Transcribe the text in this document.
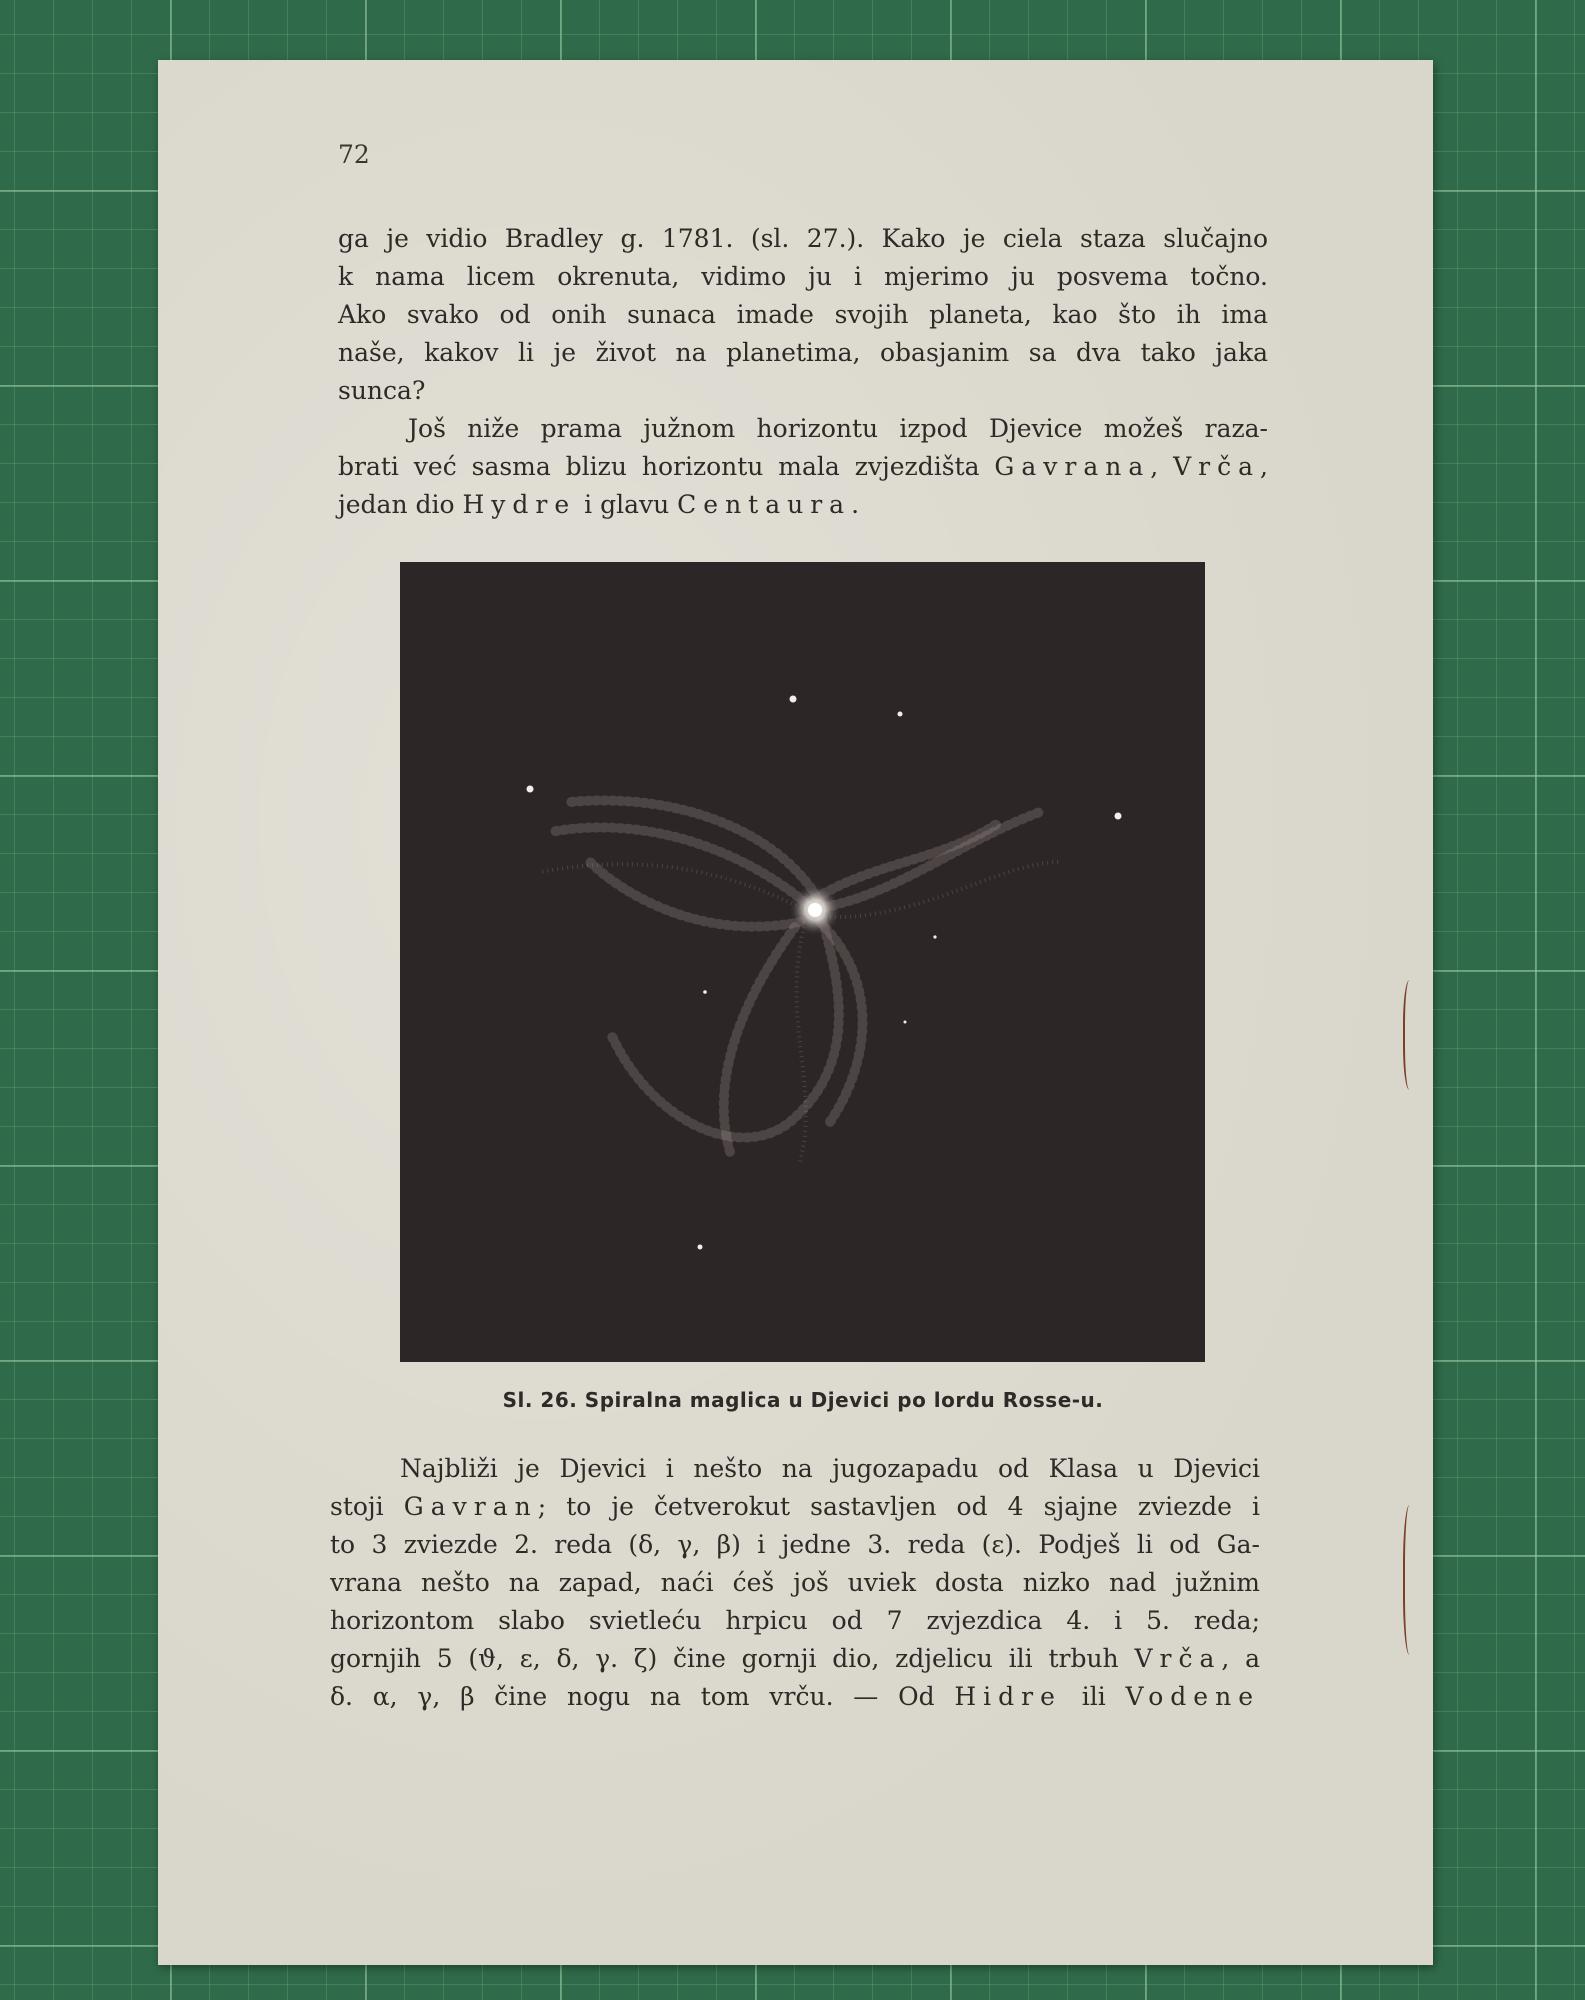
72
ga je vidio Bradley g. 1781. (sl. 27.). Kako je ciela staza slučajno
k nama licem okrenuta, vidimo ju i mjerimo ju posvema točno.
Ako svako od onih sunaca imade svojih planeta, kao što ih ima
naše, kakov li je život na planetima, obasjanim sa dva tako jaka
sunca?
Još niže prama južnom horizontu izpod Djevice možeš raza-
brati već sasma blizu horizontu mala zvjezdišta Gavrana, Vrča,
jedan dio Hydre i glavu Centaura.
Sl. 26. Spiralna maglica u Djevici po lordu Rosse-u.
Najbliži je Djevici i nešto na jugozapadu od Klasa u Djevici
stoji Gavran; to je četverokut sastavljen od 4 sjajne zviezde i
to 3 zviezde 2. reda (δ, γ, β) i jedne 3. reda (ε). Podješ li od Ga-
vrana nešto na zapad, naći ćeš još uviek dosta nizko nad južnim
horizontom slabo svietleću hrpicu od 7 zvjezdica 4. i 5. reda;
gornjih 5 (ϑ, ε, δ, γ. ζ) čine gornji dio, zdjelicu ili trbuh Vrča, a
δ. α, γ, β čine nogu na tom vrču. — Od Hidre ili Vodene
